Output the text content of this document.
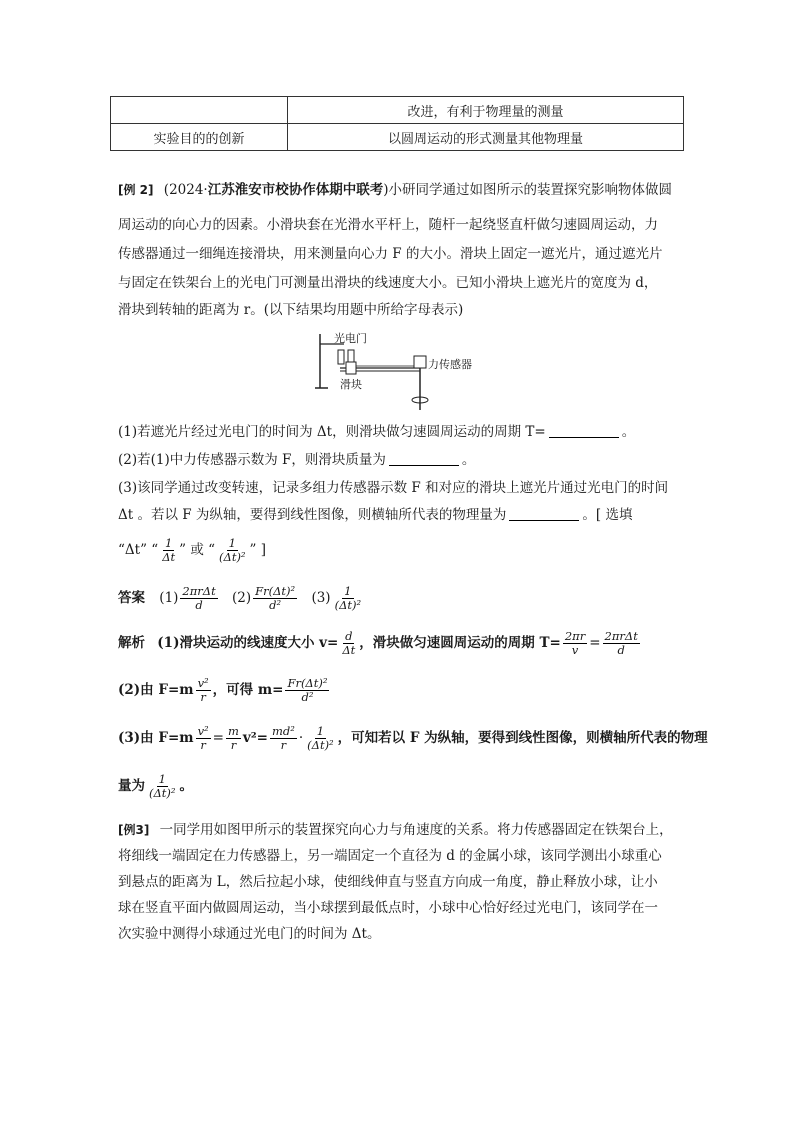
	改进，有利于物理量的测量
实验目的的创新	以圆周运动的形式测量其他物理量
[例 2] (2024·江苏淮安市校协作体期中联考)小研同学通过如图所示的装置探究影响物体做圆
周运动的向心力的因素。小滑块套在光滑水平杆上，随杆一起绕竖直杆做匀速圆周运动，力
传感器通过一细绳连接滑块，用来测量向心力 F 的大小。滑块上固定一遮光片，通过遮光片
与固定在铁架台上的光电门可测量出滑块的线速度大小。已知小滑块上遮光片的宽度为 d，
滑块到转轴的距离为 r。(以下结果均用题中所给字母表示)
光电门
力传感器
滑块
(1)若遮光片经过光电门的时间为 Δt，则滑块做匀速圆周运动的周期 T=	。
(2)若(1)中力传感器示数为 F，则滑块质量为	。
(3)该同学通过改变转速，记录多组力传感器示数 F 和对应的滑块上遮光片通过光电门的时间
Δt 。若以 F 为纵轴，要得到线性图像，则横轴所代表的物理量为	。[ 选填
“Δt” “ $\frac{1}{\Delta t}$ ” 或 “ $\frac{1}{\text{(Δt)²}}$ ” ]
答案 $(1) \frac{\text{2πrΔt}}{d} (2) \frac{\text{Fr(Δt)²}}{\text{d²}} (3) \frac{1}{\text{(Δt)²}}$
解析 (1)滑块运动的线速度大小 $v= \frac{d}{\Delta t}$ ，滑块做匀速圆周运动的周期 $T= \frac{2\pi r}{v} = \frac{\text{2πrΔt}}{d}$
(2)由 $F=m \frac{\text{v²}}{r}$ ，可得 $m= \frac{\text{Fr(Δt)²}}{\text{d²}}$
(3)由 $F=m \frac{\text{v²}}{r} = \frac{m}{r} v^2= \frac{\text{md²}}{r} \cdot \frac{1}{\text{(Δt)²}}$ ，可知若以 F 为纵轴，要得到线性图像，则横轴所代表的物理
量为 $\frac{1}{\text{(Δt)²}}$ 。
[例3] 一同学用如图甲所示的装置探究向心力与角速度的关系。将力传感器固定在铁架台上，
将细线一端固定在力传感器上，另一端固定一个直径为 d 的金属小球，该同学测出小球重心
到悬点的距离为 L，然后拉起小球，使细线伸直与竖直方向成一角度，静止释放小球，让小
球在竖直平面内做圆周运动，当小球摆到最低点时，小球中心恰好经过光电门，该同学在一
次实验中测得小球通过光电门的时间为 Δt。
